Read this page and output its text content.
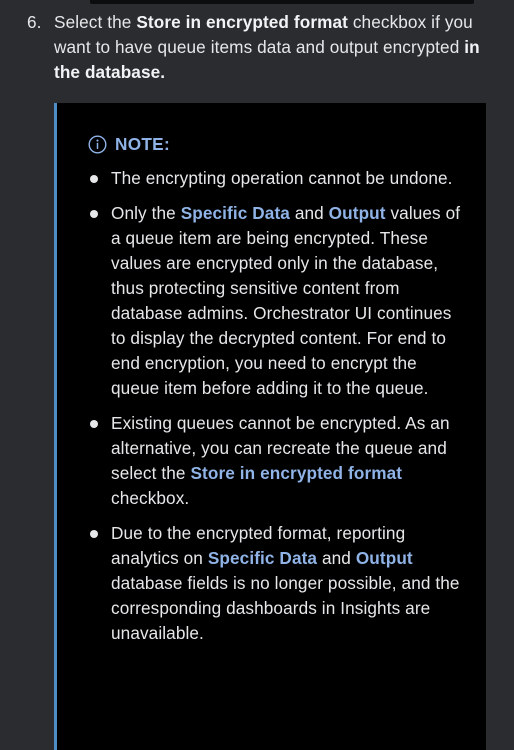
6. Select the Store in encrypted format checkbox if you want to have queue items data and output encrypted in the database.
NOTE:
The encrypting operation cannot be undone.
Only the Specific Data and Output values of a queue item are being encrypted. These values are encrypted only in the database, thus protecting sensitive content from database admins. Orchestrator UI continues to display the decrypted content. For end to end encryption, you need to encrypt the queue item before adding it to the queue.
Existing queues cannot be encrypted. As an alternative, you can recreate the queue and select the Store in encrypted format checkbox.
Due to the encrypted format, reporting analytics on Specific Data and Output database fields is no longer possible, and the corresponding dashboards in Insights are unavailable.
